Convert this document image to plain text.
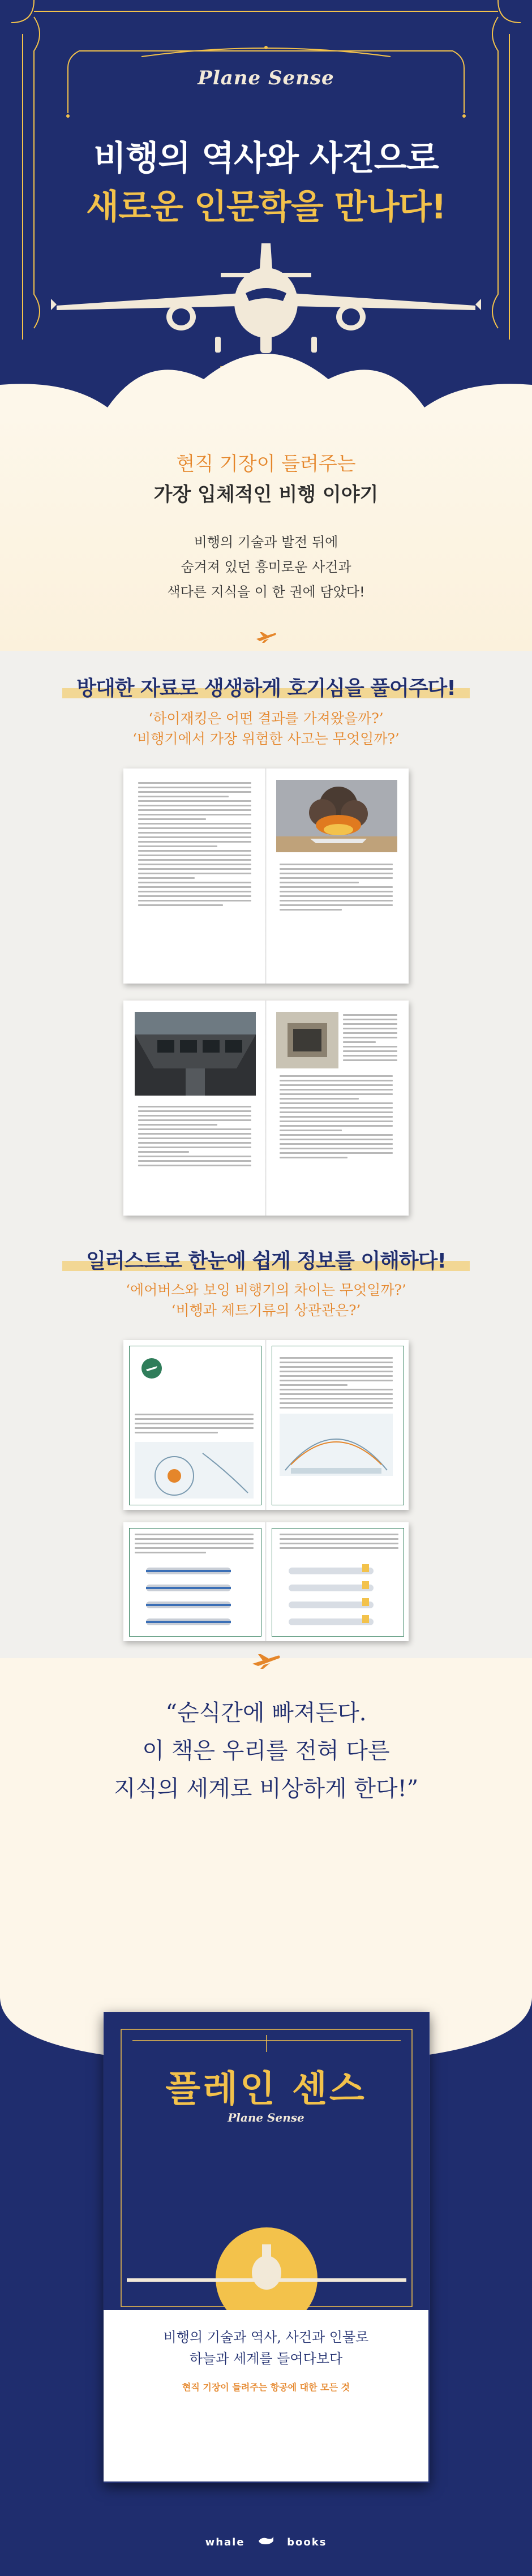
Plane Sense
비행의 역사와 사건으로
새로운 인문학을 만나다!
현직 기장이 들려주는
가장 입체적인 비행 이야기
비행의 기술과 발전 뒤에
숨겨져 있던 흥미로운 사건과
색다른 지식을 이 한 권에 담았다!
방대한 자료로 생생하게 호기심을 풀어주다!
‘하이재킹은 어떤 결과를 가져왔을까?’
‘비행기에서 가장 위험한 사고는 무엇일까?’
일러스트로 한눈에 쉽게 정보를 이해하다!
‘에어버스와 보잉 비행기의 차이는 무엇일까?’
‘비행과 제트기류의 상관관은?’
“순식간에 빠져든다.
이 책은 우리를 전혀 다른
지식의 세계로 비상하게 한다!”
플레인 센스
Plane Sense
비행의 기술과 역사, 사건과 인물로
하늘과 세계를 들여다보다
현직 기장이 들려주는 항공에 대한 모든 것
whale	books
